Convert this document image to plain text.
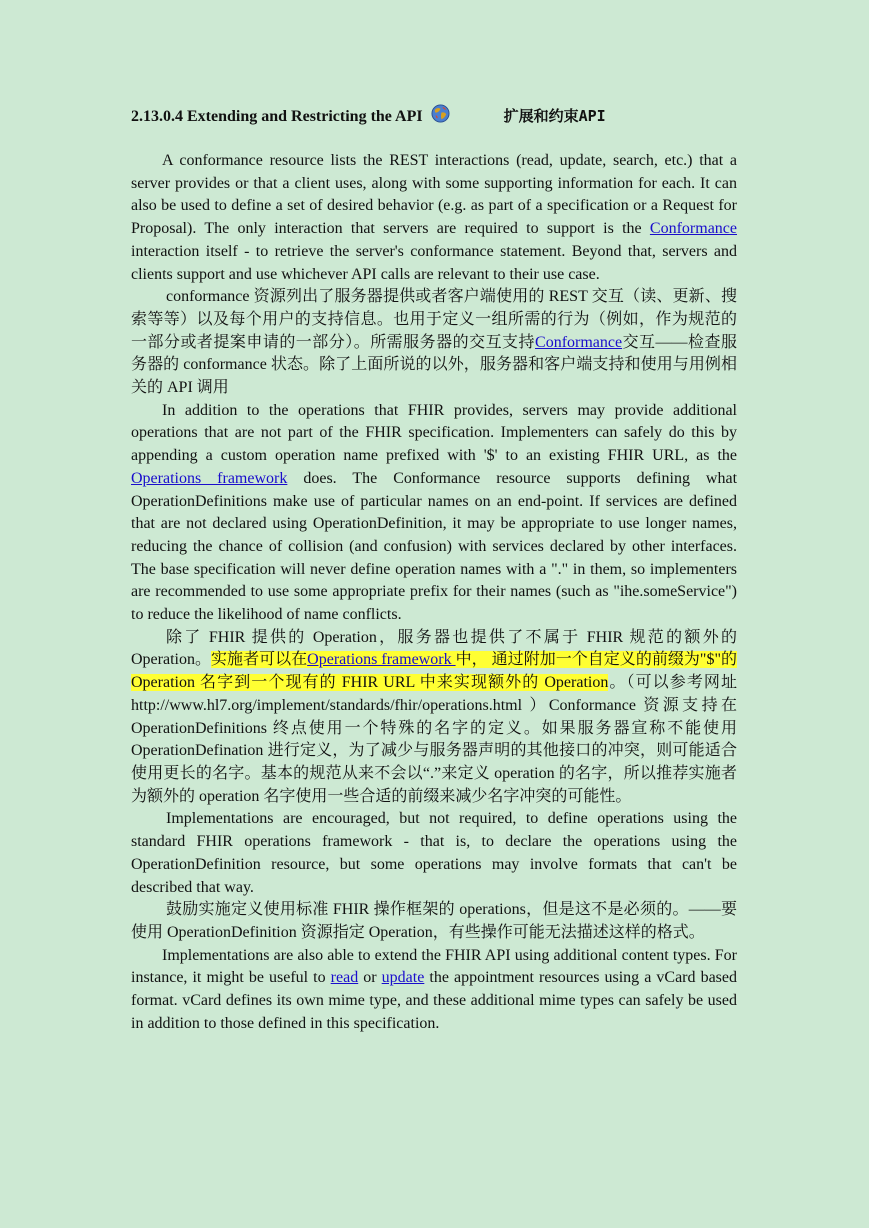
2.13.0.4 Extending and Restricting the API	扩展和约束API

A conformance resource lists the REST interactions (read, update, search, etc.) that a server provides or that a client uses, along with some supporting information for each. It can also be used to define a set of desired behavior (e.g. as part of a specification or a Request for Proposal). The only interaction that servers are required to support is the Conformance interaction itself - to retrieve the server's conformance statement. Beyond that, servers and clients support and use whichever API calls are relevant to their use case.

conformance 资源列出了服务器提供或者客户端使用的 REST 交互（读、更新、搜索等等）以及每个用户的支持信息。也用于定义一组所需的行为（例如，作为规范的一部分或者提案申请的一部分）。所需服务器的交互支持Conformance交互——检查服务器的 conformance 状态。除了上面所说的以外，服务器和客户端支持和使用与用例相关的 API 调用

In addition to the operations that FHIR provides, servers may provide additional operations that are not part of the FHIR specification. Implementers can safely do this by appending a custom operation name prefixed with '$' to an existing FHIR URL, as the Operations framework does. The Conformance resource supports defining what OperationDefinitions make use of particular names on an end-point. If services are defined that are not declared using OperationDefinition, it may be appropriate to use longer names, reducing the chance of collision (and confusion) with services declared by other interfaces. The base specification will never define operation names with a "." in them, so implementers are recommended to use some appropriate prefix for their names (such as "ihe.someService") to reduce the likelihood of name conflicts.

除了 FHIR 提供的 Operation，服务器也提供了不属于 FHIR 规范的额外的 Operation。实施者可以在Operations framework 中， 通过附加一个自定义的前缀为"$"的 Operation 名字到一个现有的 FHIR URL 中来实现额外的 Operation。（可以参考网址 http://www.hl7.org/implement/standards/fhir/operations.html ）Conformance 资源支持在 OperationDefinitions 终点使用一个特殊的名字的定义。如果服务器宣称不能使用 OperationDefination 进行定义，为了减少与服务器声明的其他接口的冲突，则可能适合使用更长的名字。基本的规范从来不会以“.”来定义 operation 的名字，所以推荐实施者为额外的 operation 名字使用一些合适的前缀来减少名字冲突的可能性。

Implementations are encouraged, but not required, to define operations using the standard FHIR operations framework - that is, to declare the operations using the OperationDefinition resource, but some operations may involve formats that can't be described that way.

鼓励实施定义使用标准 FHIR 操作框架的 operations，但是这不是必须的。——要使用 OperationDefinition 资源指定 Operation，有些操作可能无法描述这样的格式。

Implementations are also able to extend the FHIR API using additional content types. For instance, it might be useful to read or update the appointment resources using a vCard based format. vCard defines its own mime type, and these additional mime types can safely be used in addition to those defined in this specification.
